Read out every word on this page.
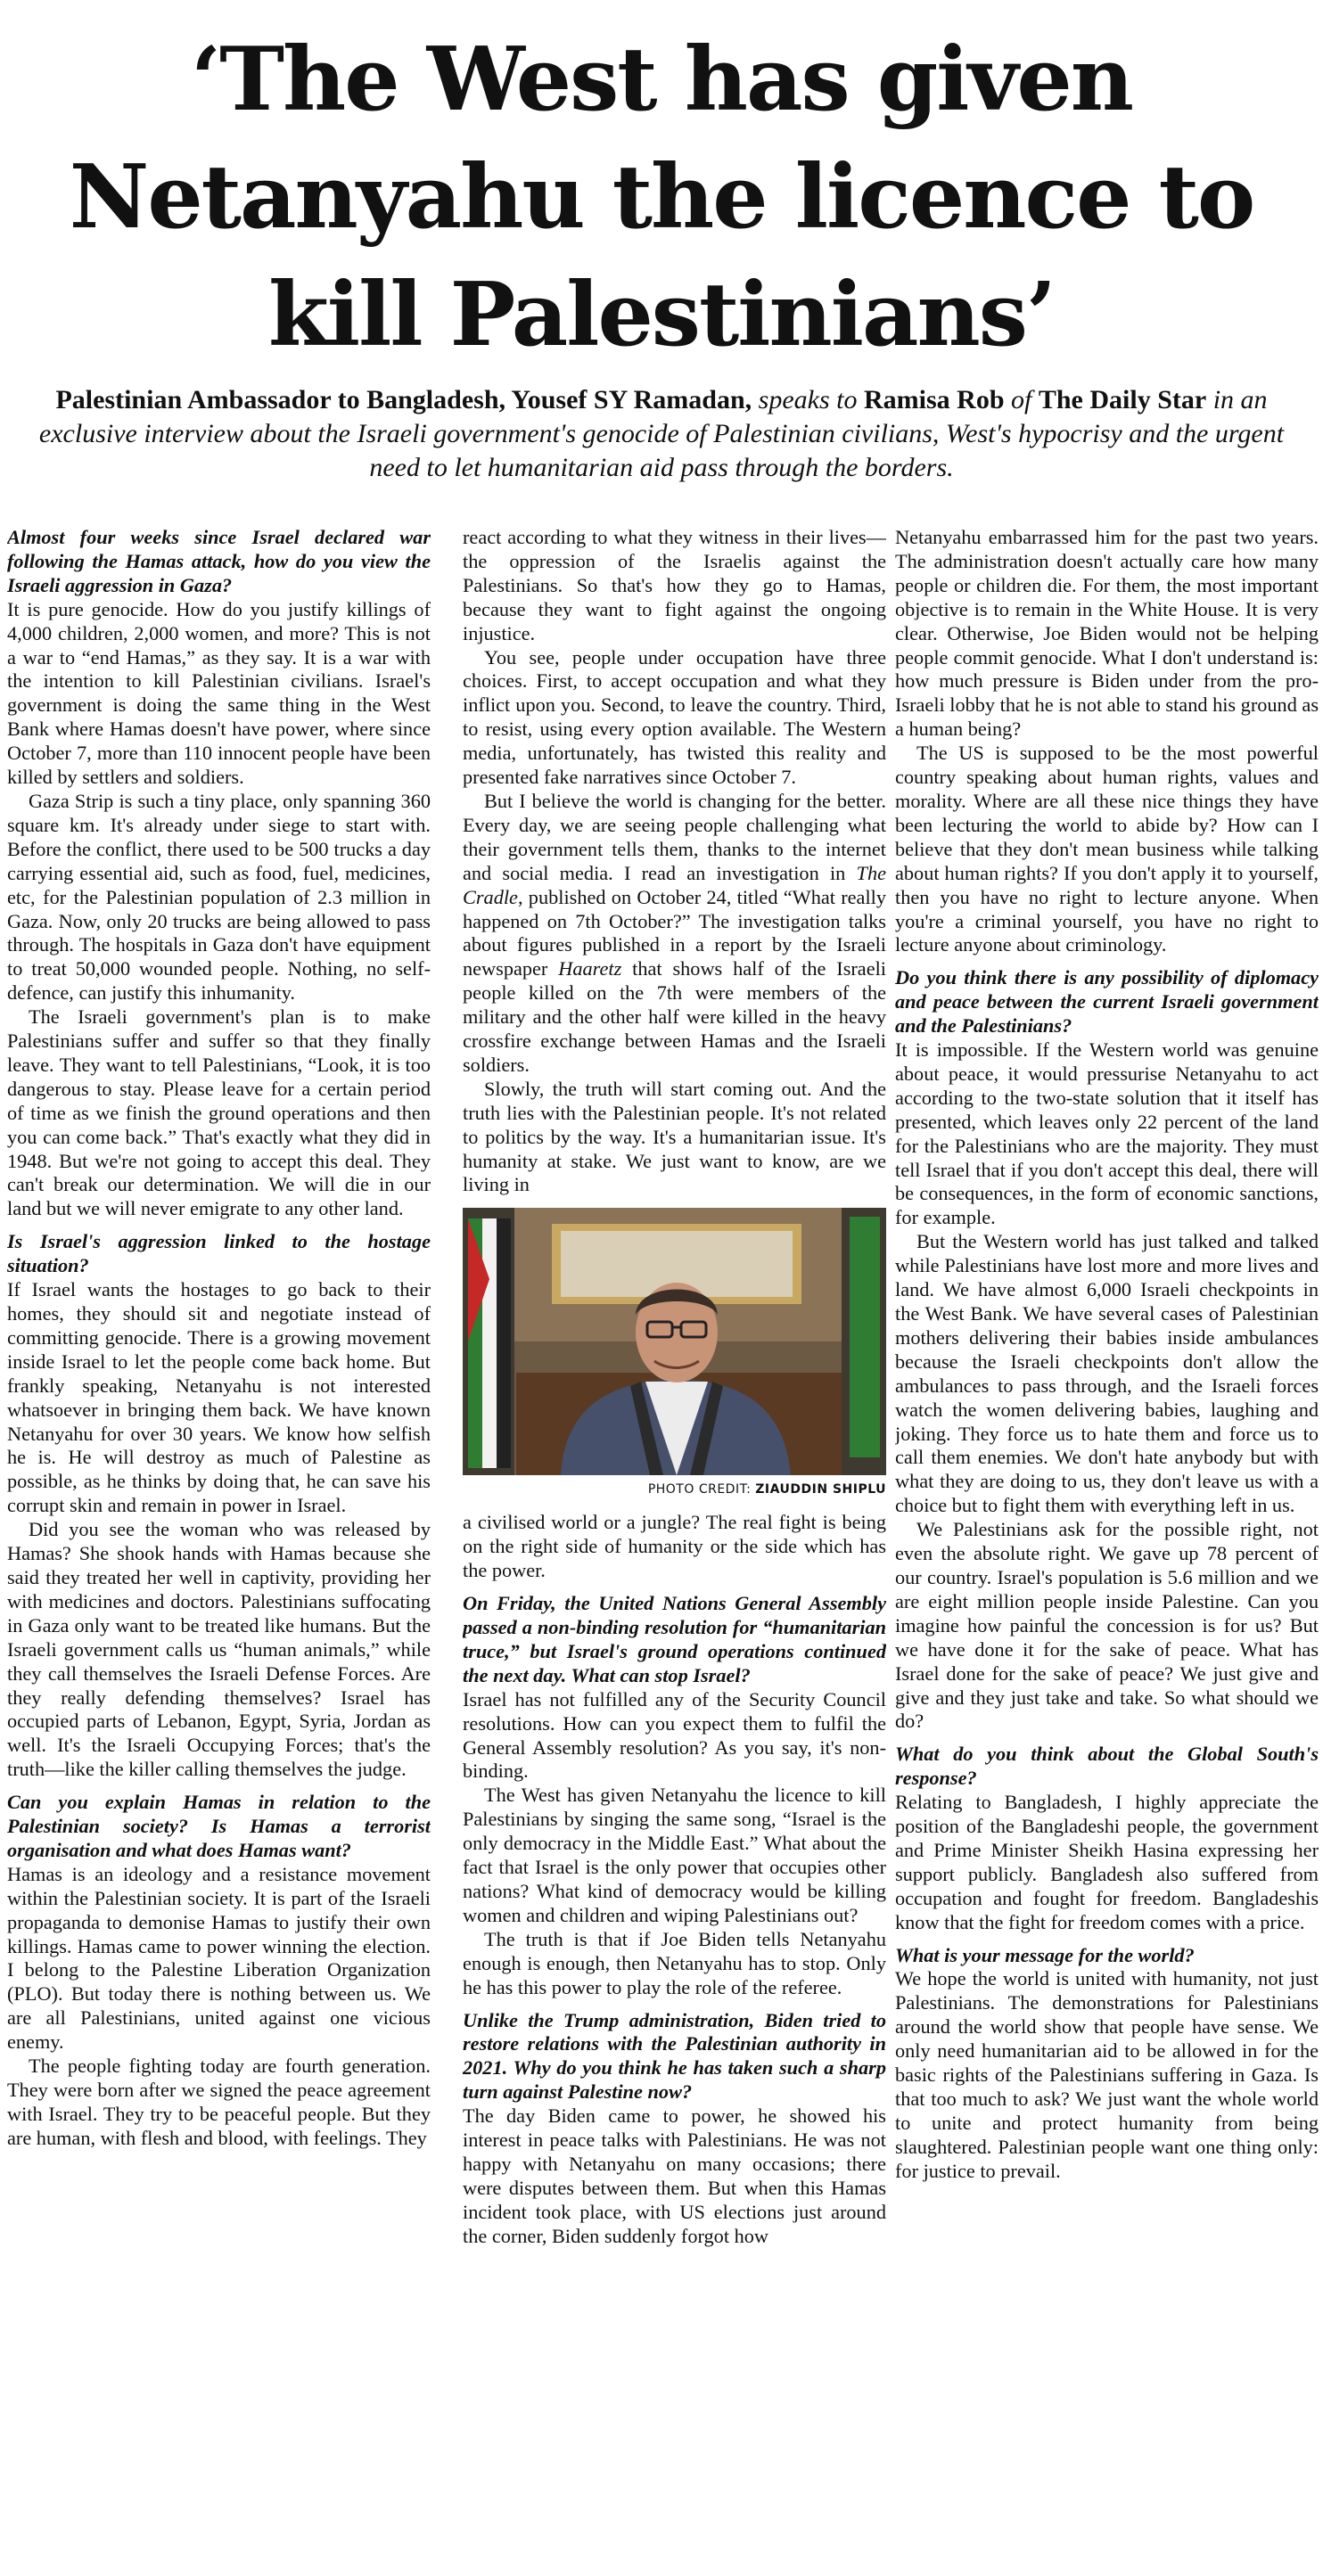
‘The West has given Netanyahu the licence to kill Palestinians’

Palestinian Ambassador to Bangladesh, Yousef SY Ramadan, speaks to Ramisa Rob of The Daily Star in an exclusive interview about the Israeli government's genocide of Palestinian civilians, West's hypocrisy and the urgent need to let humanitarian aid pass through the borders.

Almost four weeks since Israel declared war following the Hamas attack, how do you view the Israeli aggression in Gaza?

It is pure genocide. How do you justify killings of 4,000 children, 2,000 women, and more? This is not a war to “end Hamas,” as they say. It is a war with the intention to kill Palestinian civilians. Israel's government is doing the same thing in the West Bank where Hamas doesn't have power, where since October 7, more than 110 innocent people have been killed by settlers and soldiers.

Gaza Strip is such a tiny place, only spanning 360 square km. It's already under siege to start with. Before the conflict, there used to be 500 trucks a day carrying essential aid, such as food, fuel, medicines, etc, for the Palestinian population of 2.3 million in Gaza. Now, only 20 trucks are being allowed to pass through. The hospitals in Gaza don't have equipment to treat 50,000 wounded people. Nothing, no self-defence, can justify this inhumanity.

The Israeli government's plan is to make Palestinians suffer and suffer so that they finally leave. They want to tell Palestinians, “Look, it is too dangerous to stay. Please leave for a certain period of time as we finish the ground operations and then you can come back.” That's exactly what they did in 1948. But we're not going to accept this deal. They can't break our determination. We will die in our land but we will never emigrate to any other land.

Is Israel's aggression linked to the hostage situation?

If Israel wants the hostages to go back to their homes, they should sit and negotiate instead of committing genocide. There is a growing movement inside Israel to let the people come back home. But frankly speaking, Netanyahu is not interested whatsoever in bringing them back. We have known Netanyahu for over 30 years. We know how selfish he is. He will destroy as much of Palestine as possible, as he thinks by doing that, he can save his corrupt skin and remain in power in Israel.

Did you see the woman who was released by Hamas? She shook hands with Hamas because she said they treated her well in captivity, providing her with medicines and doctors. Palestinians suffocating in Gaza only want to be treated like humans. But the Israeli government calls us “human animals,” while they call themselves the Israeli Defense Forces. Are they really defending themselves? Israel has occupied parts of Lebanon, Egypt, Syria, Jordan as well. It's the Israeli Occupying Forces; that's the truth—like the killer calling themselves the judge.

Can you explain Hamas in relation to the Palestinian society? Is Hamas a terrorist organisation and what does Hamas want?

Hamas is an ideology and a resistance movement within the Palestinian society. It is part of the Israeli propaganda to demonise Hamas to justify their own killings. Hamas came to power winning the election. I belong to the Palestine Liberation Organization (PLO). But today there is nothing between us. We are all Palestinians, united against one vicious enemy.

The people fighting today are fourth generation. They were born after we signed the peace agreement with Israel. They try to be peaceful people. But they are human, with flesh and blood, with feelings. They

react according to what they witness in their lives—the oppression of the Israelis against the Palestinians. So that's how they go to Hamas, because they want to fight against the ongoing injustice.

You see, people under occupation have three choices. First, to accept occupation and what they inflict upon you. Second, to leave the country. Third, to resist, using every option available. The Western media, unfortunately, has twisted this reality and presented fake narratives since October 7.

But I believe the world is changing for the better. Every day, we are seeing people challenging what their government tells them, thanks to the internet and social media. I read an investigation in The Cradle, published on October 24, titled “What really happened on 7th October?” The investigation talks about figures published in a report by the Israeli newspaper Haaretz that shows half of the Israeli people killed on the 7th were members of the military and the other half were killed in the heavy crossfire exchange between Hamas and the Israeli soldiers.

Slowly, the truth will start coming out. And the truth lies with the Palestinian people. It's not related to politics by the way. It's a humanitarian issue. It's humanity at stake. We just want to know, are we living in

PHOTO CREDIT: ZIAUDDIN SHIPLU

a civilised world or a jungle? The real fight is being on the right side of humanity or the side which has the power.

On Friday, the United Nations General Assembly passed a non-binding resolution for “humanitarian truce,” but Israel's ground operations continued the next day. What can stop Israel?

Israel has not fulfilled any of the Security Council resolutions. How can you expect them to fulfil the General Assembly resolution? As you say, it's non-binding.

The West has given Netanyahu the licence to kill Palestinians by singing the same song, “Israel is the only democracy in the Middle East.” What about the fact that Israel is the only power that occupies other nations? What kind of democracy would be killing women and children and wiping Palestinians out?

The truth is that if Joe Biden tells Netanyahu enough is enough, then Netanyahu has to stop. Only he has this power to play the role of the referee.

Unlike the Trump administration, Biden tried to restore relations with the Palestinian authority in 2021. Why do you think he has taken such a sharp turn against Palestine now?

The day Biden came to power, he showed his interest in peace talks with Palestinians. He was not happy with Netanyahu on many occasions; there were disputes between them. But when this Hamas incident took place, with US elections just around the corner, Biden suddenly forgot how

Netanyahu embarrassed him for the past two years. The administration doesn't actually care how many people or children die. For them, the most important objective is to remain in the White House. It is very clear. Otherwise, Joe Biden would not be helping people commit genocide. What I don't understand is: how much pressure is Biden under from the pro-Israeli lobby that he is not able to stand his ground as a human being?

The US is supposed to be the most powerful country speaking about human rights, values and morality. Where are all these nice things they have been lecturing the world to abide by? How can I believe that they don't mean business while talking about human rights? If you don't apply it to yourself, then you have no right to lecture anyone. When you're a criminal yourself, you have no right to lecture anyone about criminology.

Do you think there is any possibility of diplomacy and peace between the current Israeli government and the Palestinians?

It is impossible. If the Western world was genuine about peace, it would pressurise Netanyahu to act according to the two-state solution that it itself has presented, which leaves only 22 percent of the land for the Palestinians who are the majority. They must tell Israel that if you don't accept this deal, there will be consequences, in the form of economic sanctions, for example.

But the Western world has just talked and talked while Palestinians have lost more and more lives and land. We have almost 6,000 Israeli checkpoints in the West Bank. We have several cases of Palestinian mothers delivering their babies inside ambulances because the Israeli checkpoints don't allow the ambulances to pass through, and the Israeli forces watch the women delivering babies, laughing and joking. They force us to hate them and force us to call them enemies. We don't hate anybody but with what they are doing to us, they don't leave us with a choice but to fight them with everything left in us.

We Palestinians ask for the possible right, not even the absolute right. We gave up 78 percent of our country. Israel's population is 5.6 million and we are eight million people inside Palestine. Can you imagine how painful the concession is for us? But we have done it for the sake of peace. What has Israel done for the sake of peace? We just give and give and they just take and take. So what should we do?

What do you think about the Global South's response?

Relating to Bangladesh, I highly appreciate the position of the Bangladeshi people, the government and Prime Minister Sheikh Hasina expressing her support publicly. Bangladesh also suffered from occupation and fought for freedom. Bangladeshis know that the fight for freedom comes with a price.

What is your message for the world?

We hope the world is united with humanity, not just Palestinians. The demonstrations for Palestinians around the world show that people have sense. We only need humanitarian aid to be allowed in for the basic rights of the Palestinians suffering in Gaza. Is that too much to ask? We just want the whole world to unite and protect humanity from being slaughtered. Palestinian people want one thing only: for justice to prevail.
